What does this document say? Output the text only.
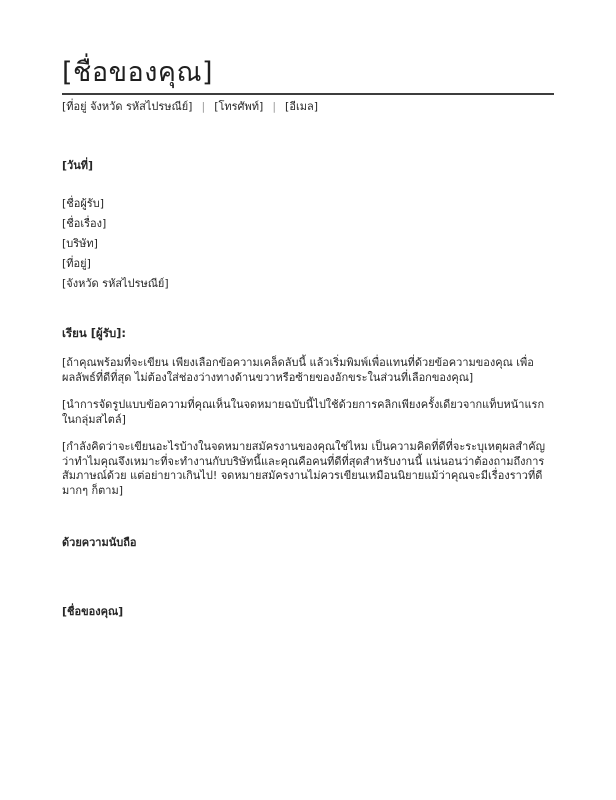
[ชื่อของคุณ]
[ที่อยู่ จังหวัด รหัสไปรษณีย์] | [โทรศัพท์] | [อีเมล]
[วันที่]
[ชื่อผู้รับ]
[ชื่อเรื่อง]
[บริษัท]
[ที่อยู่]
[จังหวัด รหัสไปรษณีย์]
เรียน [ผู้รับ]:

[ถ้าคุณพร้อมที่จะเขียน เพียงเลือกข้อความเคล็ดลับนี้ แล้วเริ่มพิมพ์เพื่อแทนที่ด้วยข้อความของคุณ เพื่อผลลัพธ์ที่ดีที่สุด ไม่ต้องใส่ช่องว่างทางด้านขวาหรือซ้ายของอักขระในส่วนที่เลือกของคุณ]

[นำการจัดรูปแบบข้อความที่คุณเห็นในจดหมายฉบับนี้ไปใช้ด้วยการคลิกเพียงครั้งเดียวจากแท็บหน้าแรก ในกลุ่มสไตล์]

[กำลังคิดว่าจะเขียนอะไรบ้างในจดหมายสมัครงานของคุณใช่ไหม เป็นความคิดที่ดีที่จะระบุเหตุผลสำคัญว่าทำไมคุณจึงเหมาะที่จะทำงานกับบริษัทนี้และคุณคือคนที่ดีที่สุดสำหรับงานนี้ แน่นอนว่าต้องถามถึงการสัมภาษณ์ด้วย แต่อย่ายาวเกินไป! จดหมายสมัครงานไม่ควรเขียนเหมือนนิยายแม้ว่าคุณจะมีเรื่องราวที่ดีมากๆ ก็ตาม]

ด้วยความนับถือ
[ชื่อของคุณ]
